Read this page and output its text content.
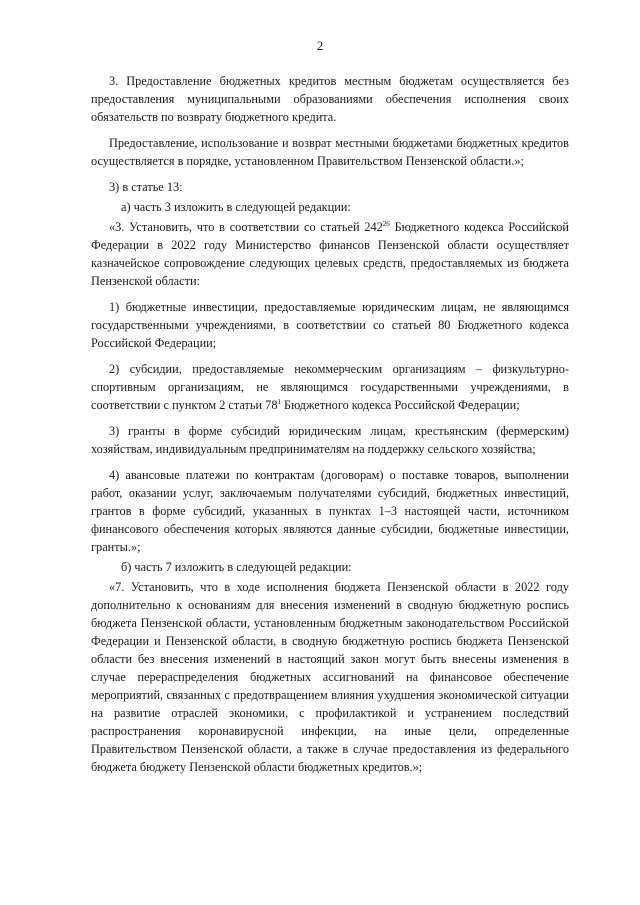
2

3. Предоставление бюджетных кредитов местным бюджетам осуществляется без предоставления муниципальными образованиями обеспечения исполнения своих обязательств по возврату бюджетного кредита.

Предоставление, использование и возврат местными бюджетами бюджетных кредитов осуществляется в порядке, установленном Правительством Пензенской области.»;

3) в статье 13:

а) часть 3 изложить в следующей редакции:

«3. Установить, что в соответствии со статьей $242^{26}$ Бюджетного кодекса Российской Федерации в 2022 году Министерство финансов Пензенской области осуществляет казначейское сопровождение следующих целевых средств, предоставляемых из бюджета Пензенской области:

1) бюджетные инвестиции, предоставляемые юридическим лицам, не являющимся государственными учреждениями, в соответствии со статьей 80 Бюджетного кодекса Российской Федерации;

2) субсидии, предоставляемые некоммерческим организациям – физкультурно-спортивным организациям, не являющимся государственными учреждениями, в соответствии с пунктом 2 статьи $78^1$ Бюджетного кодекса Российской Федерации;

3) гранты в форме субсидий юридическим лицам, крестьянским (фермерским) хозяйствам, индивидуальным предпринимателям на поддержку сельского хозяйства;

4) авансовые платежи по контрактам (договорам) о поставке товаров, выполнении работ, оказании услуг, заключаемым получателями субсидий, бюджетных инвестиций, грантов в форме субсидий, указанных в пунктах 1–3 настоящей части, источником финансового обеспечения которых являются данные субсидии, бюджетные инвестиции, гранты.»;

б) часть 7 изложить в следующей редакции:

«7. Установить, что в ходе исполнения бюджета Пензенской области в 2022 году дополнительно к основаниям для внесения изменений в сводную бюджетную роспись бюджета Пензенской области, установленным бюджетным законодательством Российской Федерации и Пензенской области, в сводную бюджетную роспись бюджета Пензенской области без внесения изменений в настоящий закон могут быть внесены изменения в случае перераспределения бюджетных ассигнований на финансовое обеспечение мероприятий, связанных с предотвращением влияния ухудшения экономической ситуации на развитие отраслей экономики, с профилактикой и устранением последствий распространения коронавирусной инфекции, на иные цели, определенные Правительством Пензенской области, а также в случае предоставления из федерального бюджета бюджету Пензенской области бюджетных кредитов.»;
